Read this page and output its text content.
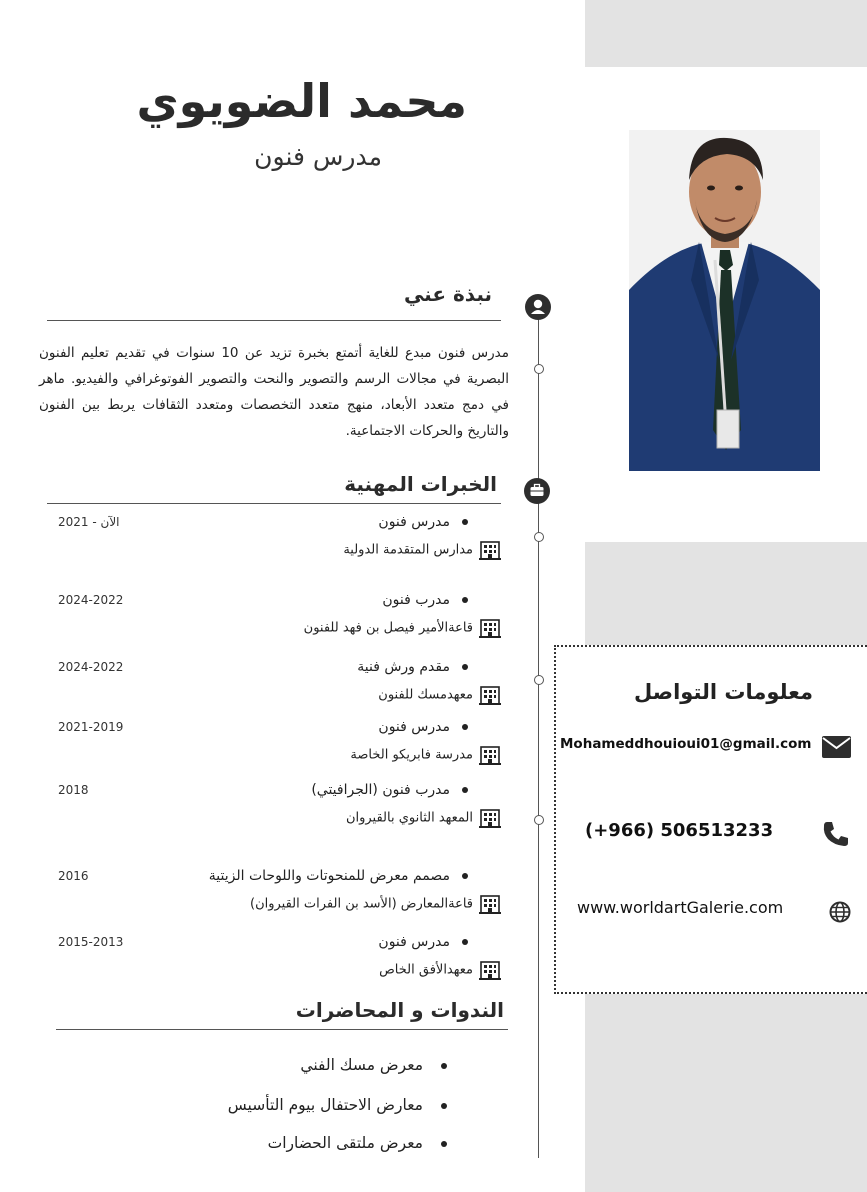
محمد الضويوي
مدرس فنون
نبذة عني
مدرس فنون مبدع للغاية أتمتع بخبرة تزيد عن 10 سنوات في تقديم تعليم الفنون البصرية في مجالات الرسم والتصوير والنحت والتصوير الفوتوغرافي والفيديو. ماهر في دمج متعدد الأبعاد، منهج متعدد التخصصات ومتعدد الثقافات يربط بين الفنون والتاريخ والحركات الاجتماعية.
الخبرات المهنية
مدرس فنون
مدارس المتقدمة الدولية
2021 - الآن
مدرب فنون
قاعةالأمير فيصل بن فهد للفنون
2024-2022
مقدم ورش فنية
معهدمسك للفنون
2024-2022
مدرس فنون
مدرسة فابريكو الخاصة
2021-2019
مدرب فنون (الجرافيتي)
المعهد الثانوي بالقيروان
2018
مصمم معرض للمنحوتات واللوحات الزيتية
قاعةالمعارض (الأسد بن الفرات القيروان)
2016
مدرس فنون
معهدالأفق الخاص
2015-2013
الندوات و المحاضرات
معرض مسك الفني
معارض الاحتفال بيوم التأسيس
معرض ملتقى الحضارات
معلومات التواصل
Mohameddhouioui01@gmail.com
(+966) 506513233
www.worldartGalerie.com
